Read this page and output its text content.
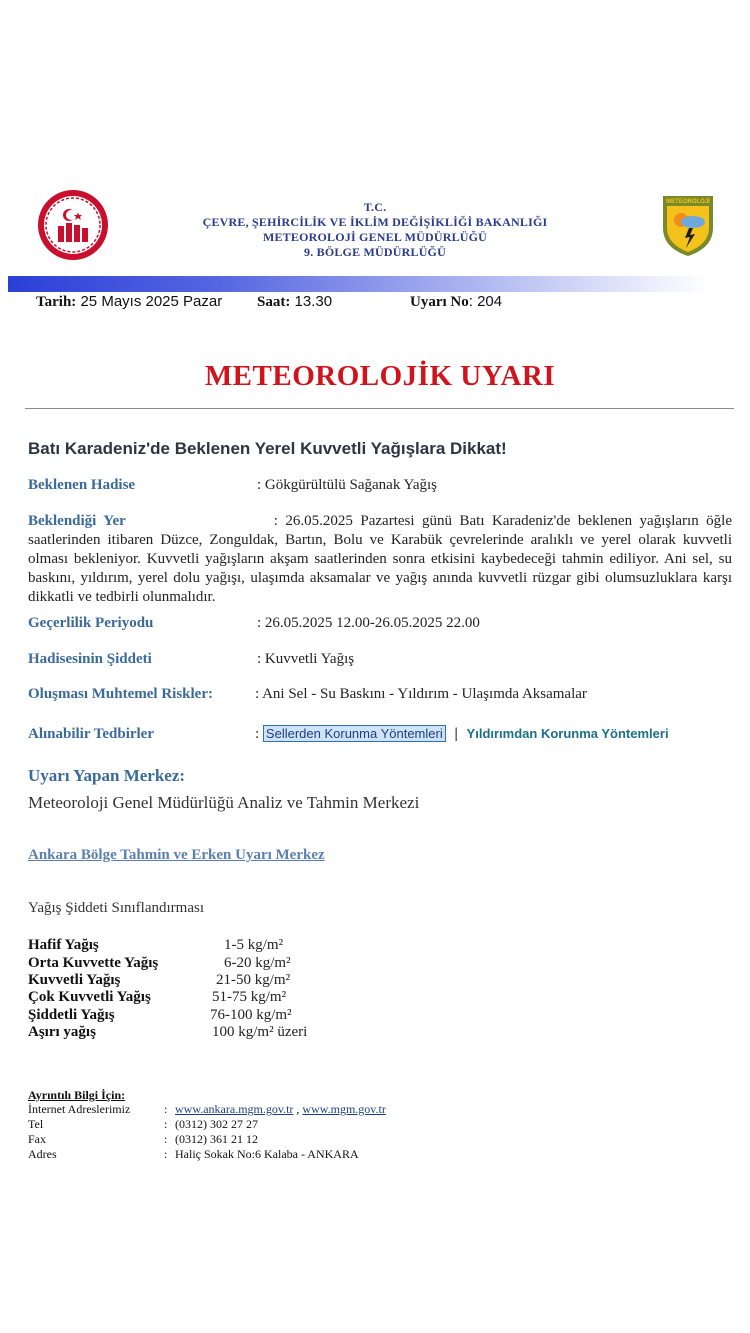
METEOROLOJİ
T.C.
ÇEVRE, ŞEHİRCİLİK VE İKLİM DEĞİŞİKLİĞİ BAKANLIĞI
METEOROLOJİ GENEL MÜDÜRLÜĞÜ
9. BÖLGE MÜDÜRLÜĞÜ
Tarih: 25 Mayıs 2025 Pazar Saat: 13.30	Uyarı No: 204
METEOROLOJİK UYARI
Batı Karadeniz'de Beklenen Yerel Kuvvetli Yağışlara Dikkat!
Beklenen Hadise	: Gökgürültülü Sağanak Yağış
Beklendiği Yer	: 26.05.2025 Pazartesi günü Batı Karadeniz'de beklenen yağışların öğle saatlerinden itibaren Düzce, Zonguldak, Bartın, Bolu ve Karabük çevrelerinde aralıklı ve yerel olarak kuvvetli olması bekleniyor. Kuvvetli yağışların akşam saatlerinden sonra etkisini kaybedeceği tahmin ediliyor. Ani sel, su baskını, yıldırım, yerel dolu yağışı, ulaşımda aksamalar ve yağış anında kuvvetli rüzgar gibi olumsuzluklara karşı dikkatli ve tedbirli olunmalıdır.
Geçerlilik Periyodu	: 26.05.2025 12.00-26.05.2025 22.00
Hadisesinin Şiddeti	: Kuvvetli Yağış
Oluşması Muhtemel Riskler:	: Ani Sel - Su Baskını - Yıldırım - Ulaşımda Aksamalar
Alınabilir Tedbirler	: Sellerden Korunma Yöntemleri | Yıldırımdan Korunma Yöntemleri
Uyarı Yapan Merkez:
Meteoroloji Genel Müdürlüğü Analiz ve Tahmin Merkezi
Ankara Bölge Tahmin ve Erken Uyarı Merkez
Yağış Şiddeti Sınıflandırması
Hafif Yağış	1-5 kg/m²
Orta Kuvvette Yağış	6-20 kg/m²
Kuvvetli Yağış	21-50 kg/m²
Çok Kuvvetli Yağış	51-75 kg/m²
Şiddetli Yağış	76-100 kg/m²
Aşırı yağış	100 kg/m² üzeri
Ayrıntılı Bilgi İçin:
İnternet Adreslerimiz	: www.ankara.mgm.gov.tr , www.mgm.gov.tr
Tel	: (0312) 302 27 27
Fax	: (0312) 361 21 12
Adres	: Haliç Sokak No:6 Kalaba - ANKARA
